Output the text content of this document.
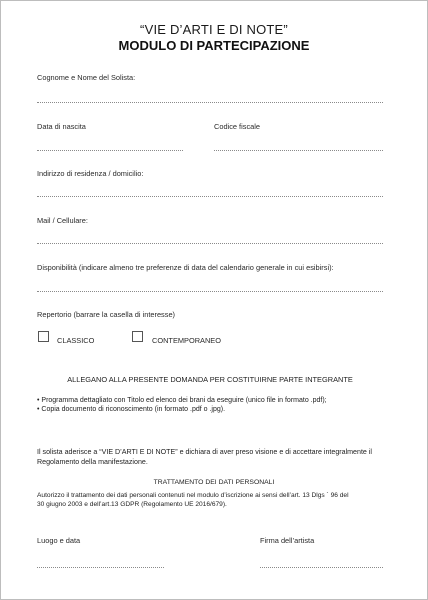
“VIE D’ARTI E DI NOTE”
MODULO DI PARTECIPAZIONE
Cognome e Nome del Solista:
Data di nascita	Codice fiscale
Indirizzo di residenza / domicilio:
Mail / Cellulare:
Disponibilità (indicare almeno tre preferenze di data del calendario generale in cui esibirsi):
Repertorio (barrare la casella di interesse)
CLASSICO	CONTEMPORANEO
ALLEGANO ALLA PRESENTE DOMANDA PER COSTITUIRNE PARTE INTEGRANTE
• Programma dettagliato con Titolo ed elenco dei brani da eseguire (unico file in formato .pdf);
• Copia documento di riconoscimento (in formato .pdf o .jpg).
Il solista aderisce a “VIE D’ARTI E DI NOTE” e dichiara di aver preso visione e di accettare integralmente il
Regolamento della manifestazione.
TRATTAMENTO DEI DATI PERSONALI
Autorizzo il trattamento dei dati personali contenuti nel modulo d’iscrizione ai sensi dell’art. 13 Dlgs ´ 96 del
30 giugno 2003 e dell’art.13 GDPR (Regolamento UE 2016/679).
Luogo e data	Firma dell’artista
